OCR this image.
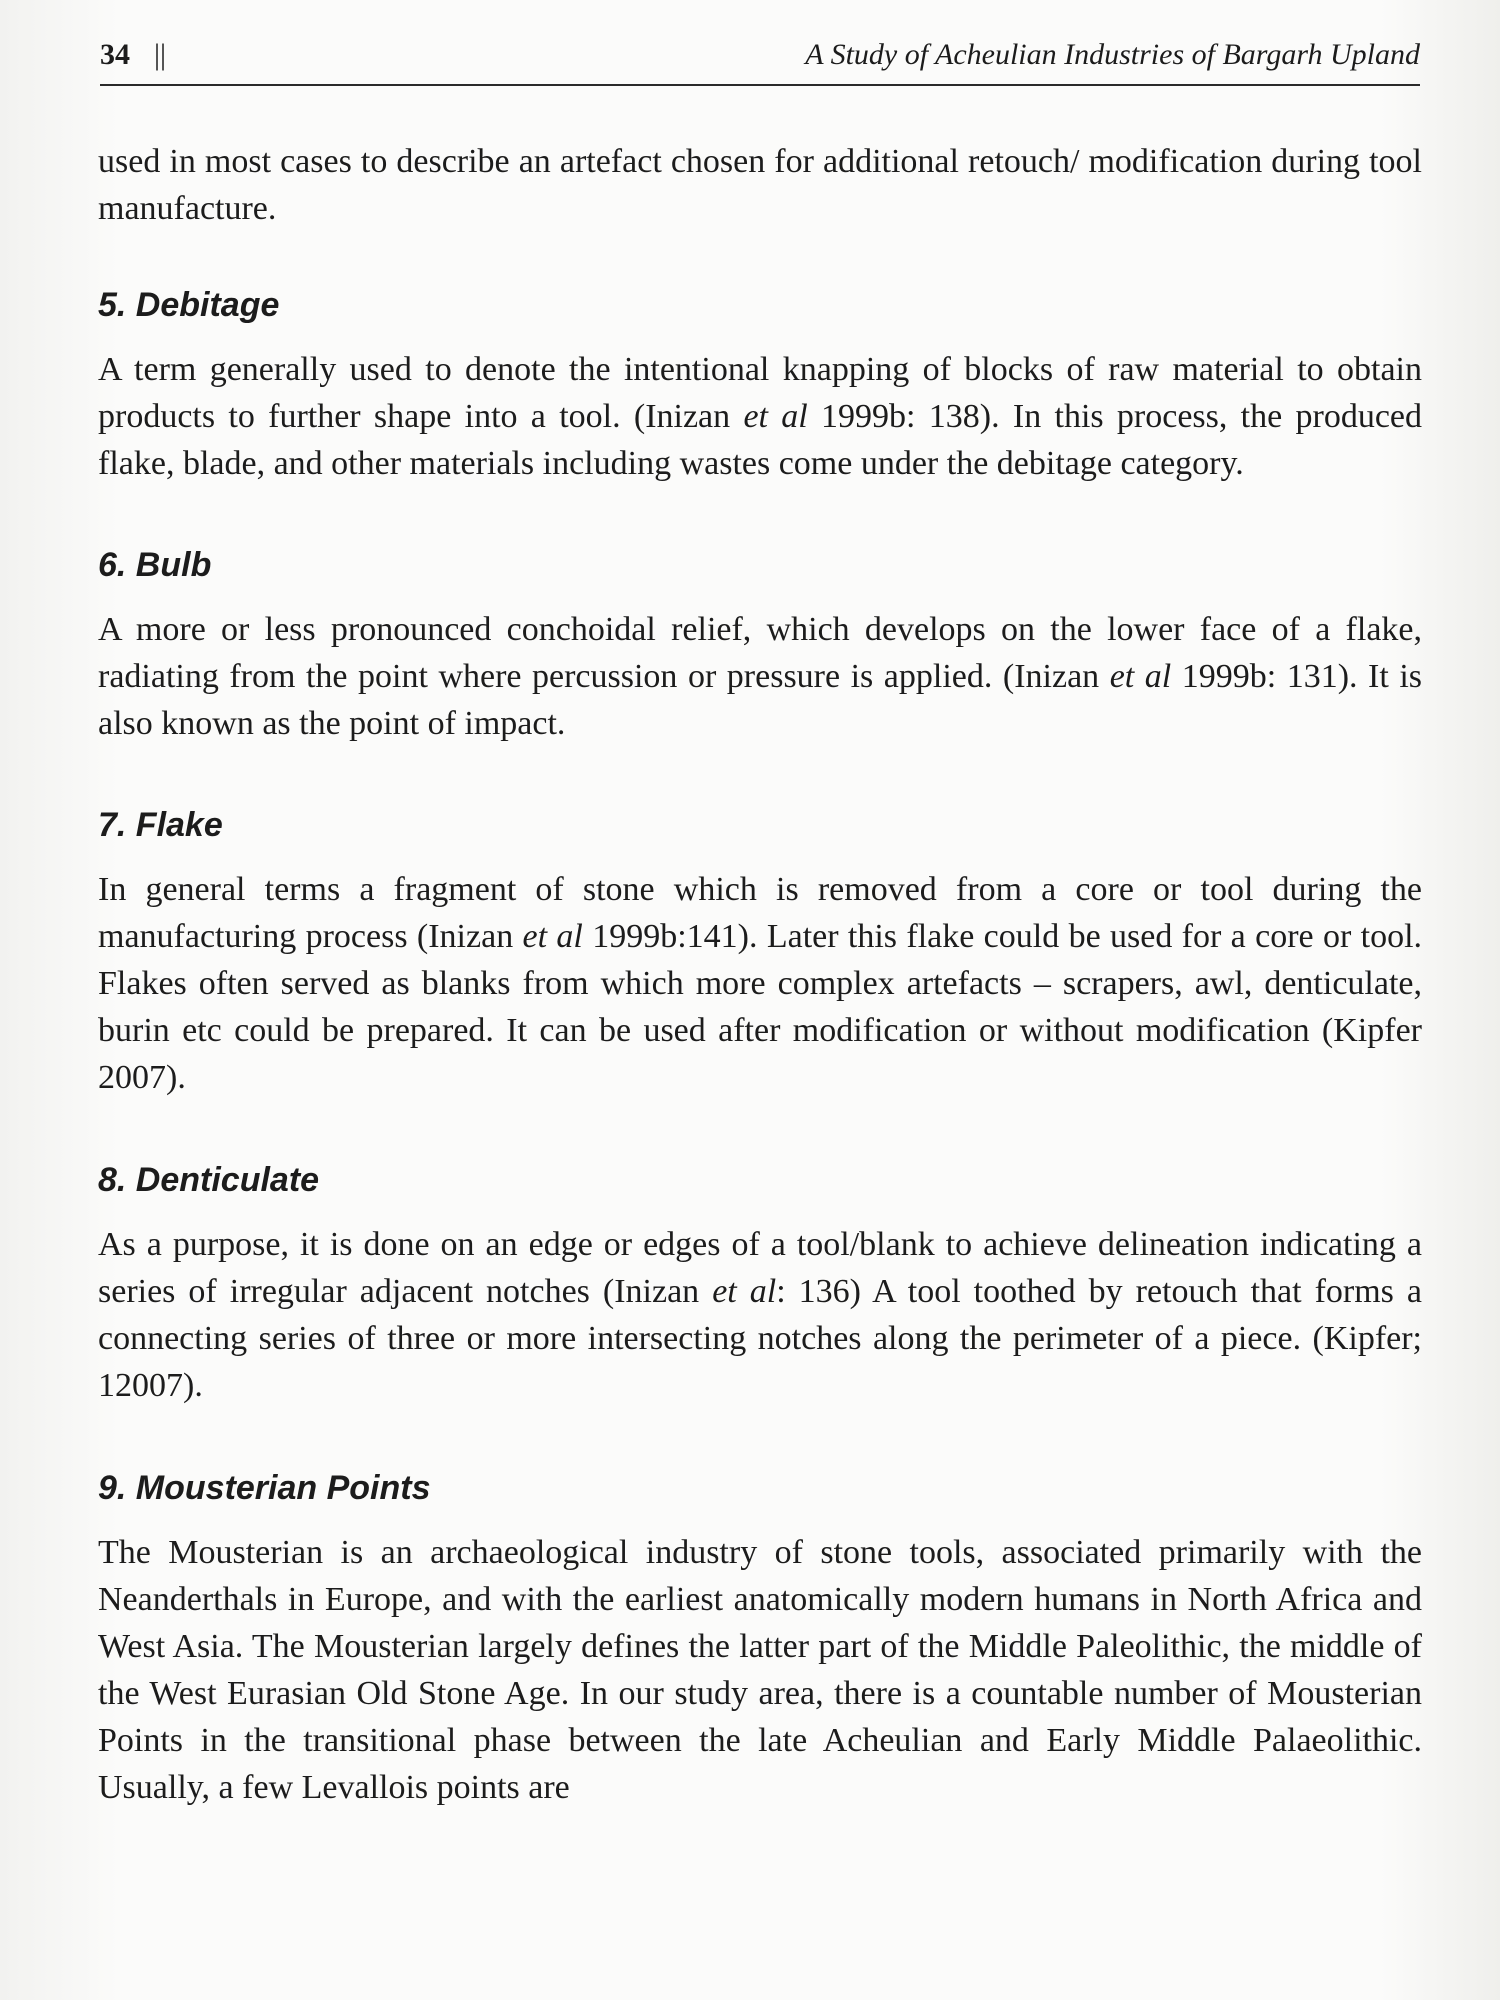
34 ||	A Study of Acheulian Industries of Bargarh Upland

used in most cases to describe an artefact chosen for additional retouch/ modification during tool manufacture.

5. Debitage

A term generally used to denote the intentional knapping of blocks of raw material to obtain products to further shape into a tool. (Inizan et al 1999b: 138). In this process, the produced flake, blade, and other materials including wastes come under the debitage category.

6. Bulb

A more or less pronounced conchoidal relief, which develops on the lower face of a flake, radiating from the point where percussion or pressure is applied. (Inizan et al 1999b: 131). It is also known as the point of impact.

7. Flake

In general terms a fragment of stone which is removed from a core or tool during the manufacturing process (Inizan et al 1999b:141). Later this flake could be used for a core or tool. Flakes often served as blanks from which more complex artefacts – scrapers, awl, denticulate, burin etc could be prepared. It can be used after modification or without modification (Kipfer 2007).

8. Denticulate

As a purpose, it is done on an edge or edges of a tool/blank to achieve delineation indicating a series of irregular adjacent notches (Inizan et al: 136) A tool toothed by retouch that forms a connecting series of three or more intersecting notches along the perimeter of a piece. (Kipfer; 12007).

9. Mousterian Points

The Mousterian is an archaeological industry of stone tools, associated primarily with the Neanderthals in Europe, and with the earliest anatomically modern humans in North Africa and West Asia. The Mousterian largely defines the latter part of the Middle Paleolithic, the middle of the West Eurasian Old Stone Age. In our study area, there is a countable number of Mousterian Points in the transitional phase between the late Acheulian and Early Middle Palaeolithic. Usually, a few Levallois points are
